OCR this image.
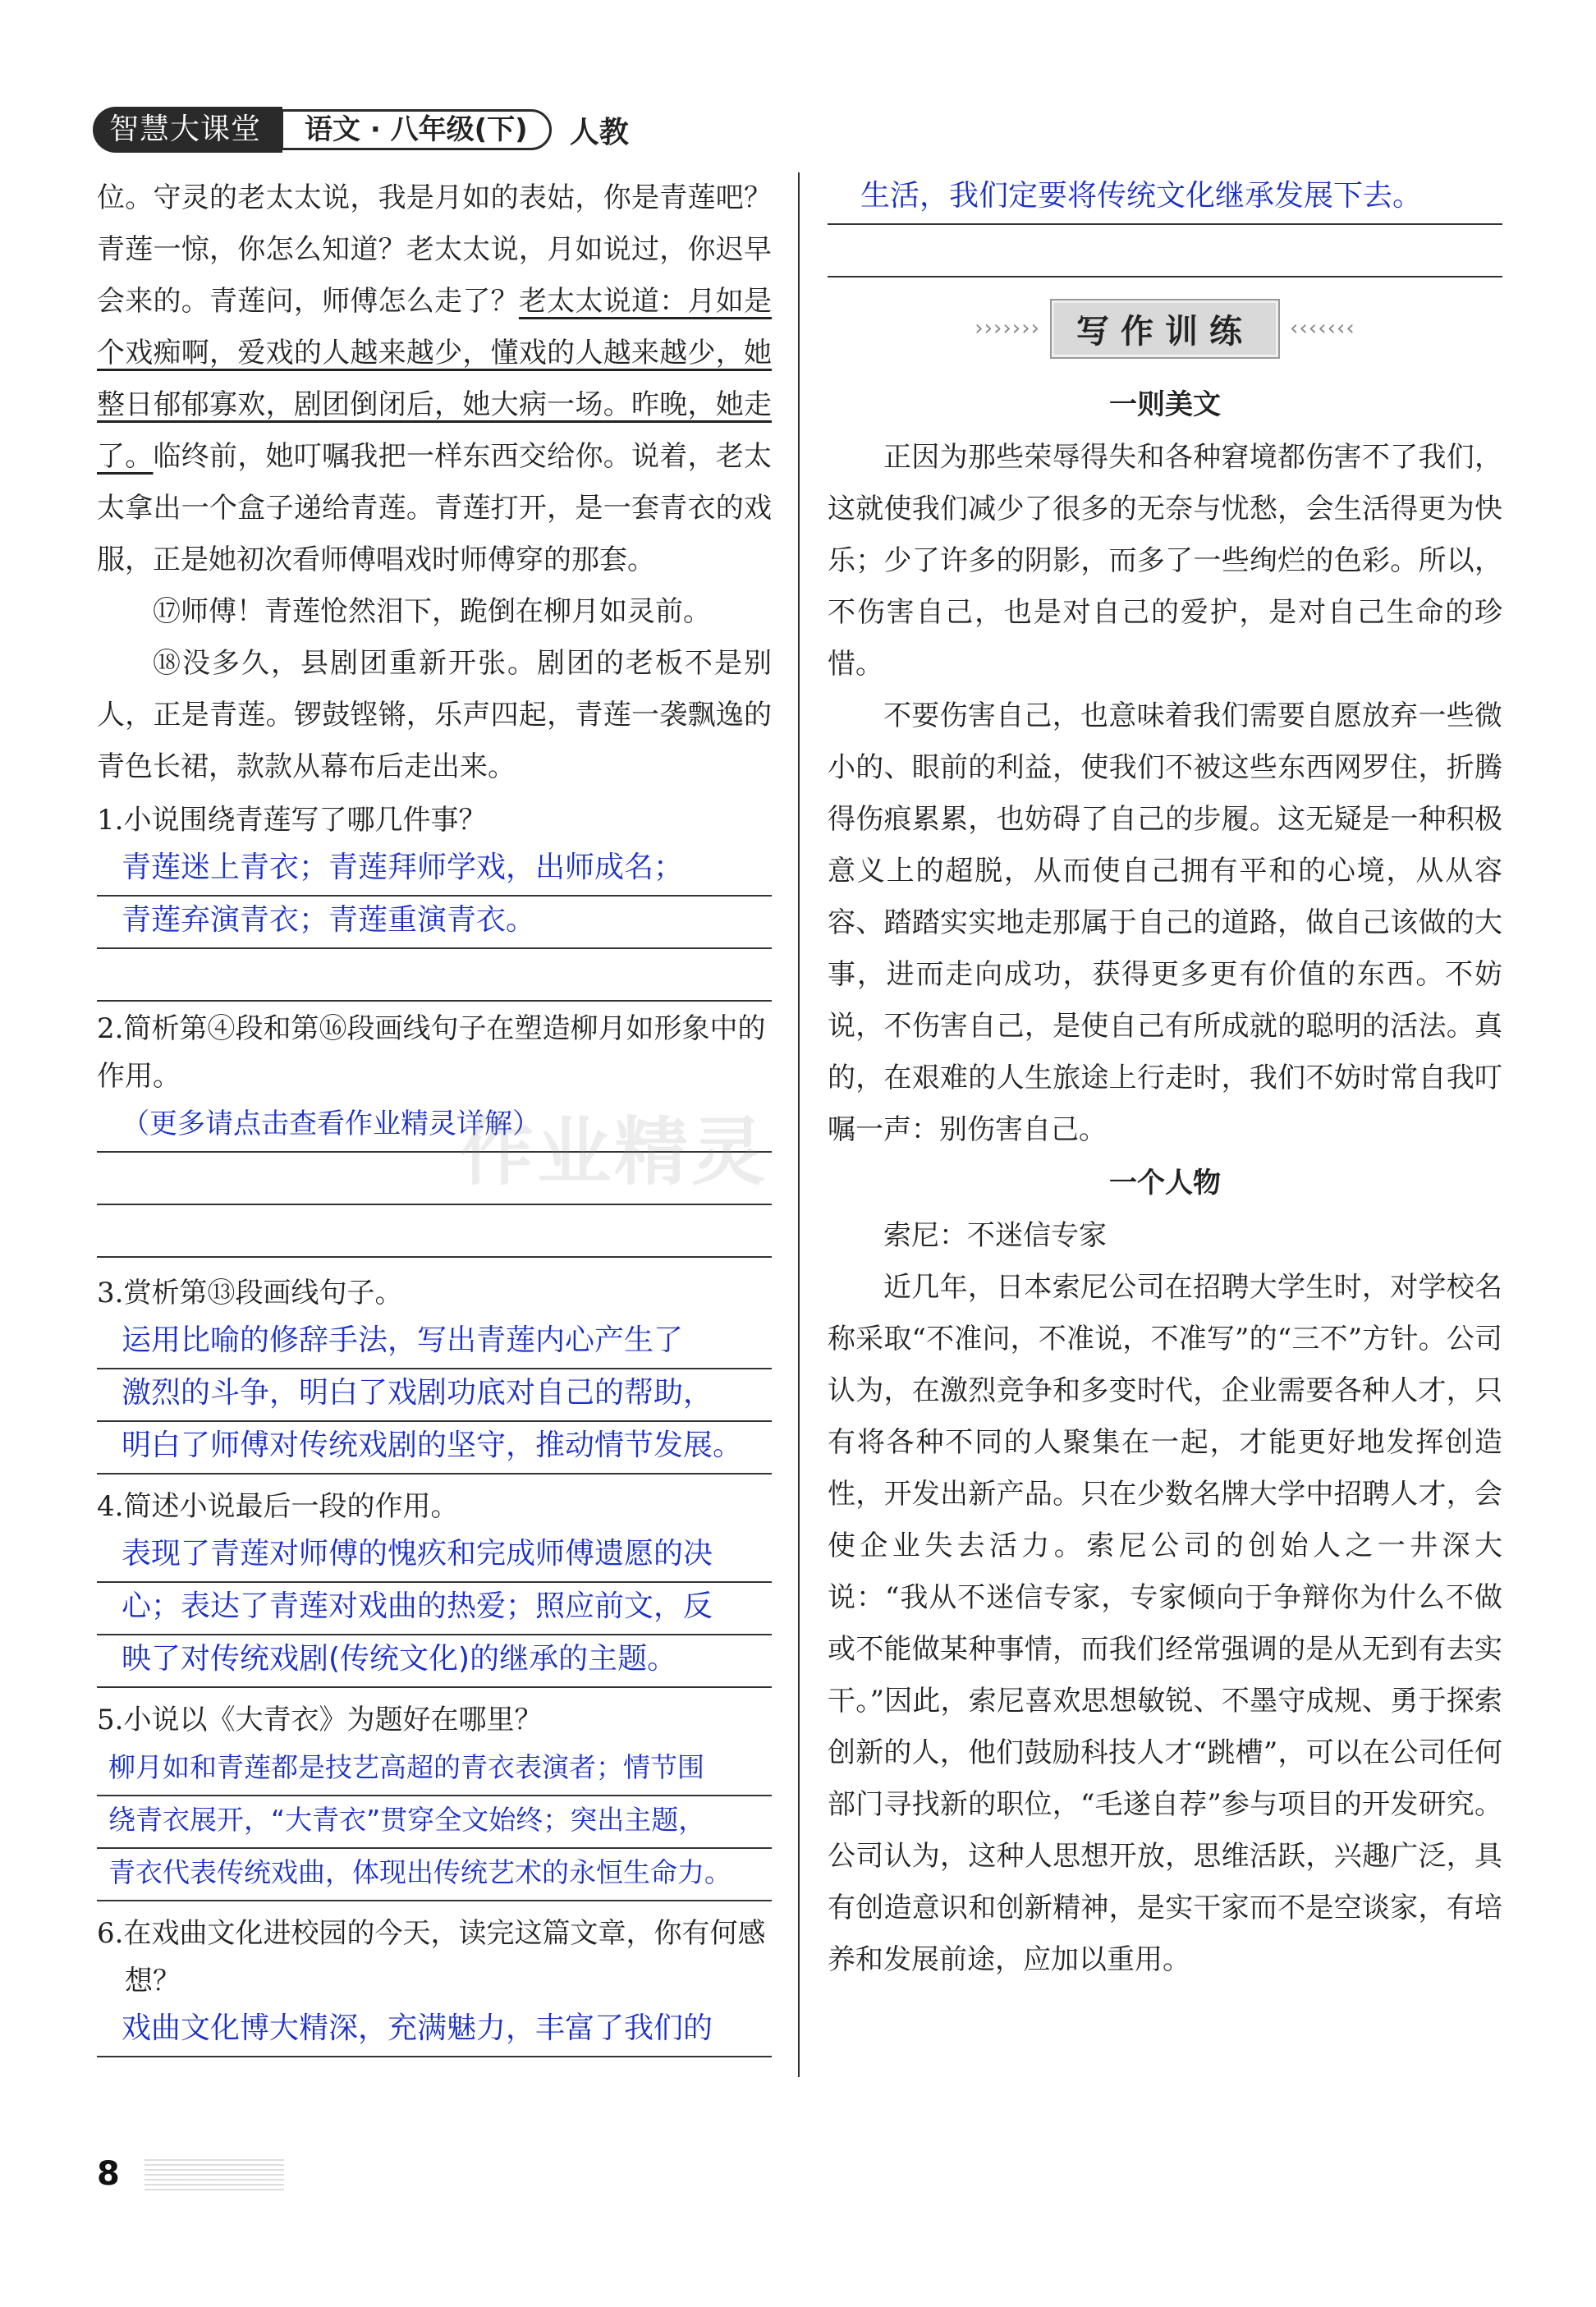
智慧大课堂	语文 · 八年级(下)	人教

位。守灵的老太太说，我是月如的表姑，你是青莲吧？青莲一惊，你怎么知道？老太太说，月如说过，你迟早会来的。青莲问，师傅怎么走了？老太太说道：月如是个戏痴啊，爱戏的人越来越少，懂戏的人越来越少，她整日郁郁寡欢，剧团倒闭后，她大病一场。昨晚，她走了。临终前，她叮嘱我把一样东西交给你。说着，老太太拿出一个盒子递给青莲。青莲打开，是一套青衣的戏服，正是她初次看师傅唱戏时师傅穿的那套。

⑰师傅！青莲怆然泪下，跪倒在柳月如灵前。

⑱没多久，县剧团重新开张。剧团的老板不是别人，正是青莲。锣鼓铿锵，乐声四起，青莲一袭飘逸的青色长裙，款款从幕布后走出来。

1.小说围绕青莲写了哪几件事？

青莲迷上青衣；青莲拜师学戏，出师成名；
青莲弃演青衣；青莲重演青衣。

2.简析第④段和第⑯段画线句子在塑造柳月如形象中的作用。

（更多请点击查看作业精灵详解）

3.赏析第⑬段画线句子。

运用比喻的修辞手法，写出青莲内心产生了
激烈的斗争，明白了戏剧功底对自己的帮助，
明白了师傅对传统戏剧的坚守，推动情节发展。

4.简述小说最后一段的作用。

表现了青莲对师傅的愧疚和完成师傅遗愿的决
心；表达了青莲对戏曲的热爱；照应前文，反
映了对传统戏剧(传统文化)的继承的主题。

5.小说以《大青衣》为题好在哪里？

柳月如和青莲都是技艺高超的青衣表演者；情节围
绕青衣展开，“大青衣”贯穿全文始终；突出主题，
青衣代表传统戏曲，体现出传统艺术的永恒生命力。

6.在戏曲文化进校园的今天，读完这篇文章，你有何感想？

戏曲文化博大精深，充满魅力，丰富了我们的
作业精灵
生活，我们定要将传统文化继承发展下去。
›››››››	写作训练	‹‹‹‹‹‹‹

一则美文

正因为那些荣辱得失和各种窘境都伤害不了我们，这就使我们减少了很多的无奈与忧愁，会生活得更为快乐；少了许多的阴影，而多了一些绚烂的色彩。所以，不伤害自己，也是对自己的爱护，是对自己生命的珍惜。

不要伤害自己，也意味着我们需要自愿放弃一些微小的、眼前的利益，使我们不被这些东西网罗住，折腾得伤痕累累，也妨碍了自己的步履。这无疑是一种积极意义上的超脱，从而使自己拥有平和的心境，从从容容、踏踏实实地走那属于自己的道路，做自己该做的大事，进而走向成功，获得更多更有价值的东西。不妨说，不伤害自己，是使自己有所成就的聪明的活法。真的，在艰难的人生旅途上行走时，我们不妨时常自我叮嘱一声：别伤害自己。

一个人物

索尼：不迷信专家

近几年，日本索尼公司在招聘大学生时，对学校名称采取“不准问，不准说，不准写”的“三不”方针。公司认为，在激烈竞争和多变时代，企业需要各种人才，只有将各种不同的人聚集在一起，才能更好地发挥创造性，开发出新产品。只在少数名牌大学中招聘人才，会使企业失去活力。索尼公司的创始人之一井深大说：“我从不迷信专家，专家倾向于争辩你为什么不做或不能做某种事情，而我们经常强调的是从无到有去实干。”因此，索尼喜欢思想敏锐、不墨守成规、勇于探索创新的人，他们鼓励科技人才“跳槽”，可以在公司任何部门寻找新的职位，“毛遂自荐”参与项目的开发研究。公司认为，这种人思想开放，思维活跃，兴趣广泛，具有创造意识和创新精神，是实干家而不是空谈家，有培养和发展前途，应加以重用。

8
